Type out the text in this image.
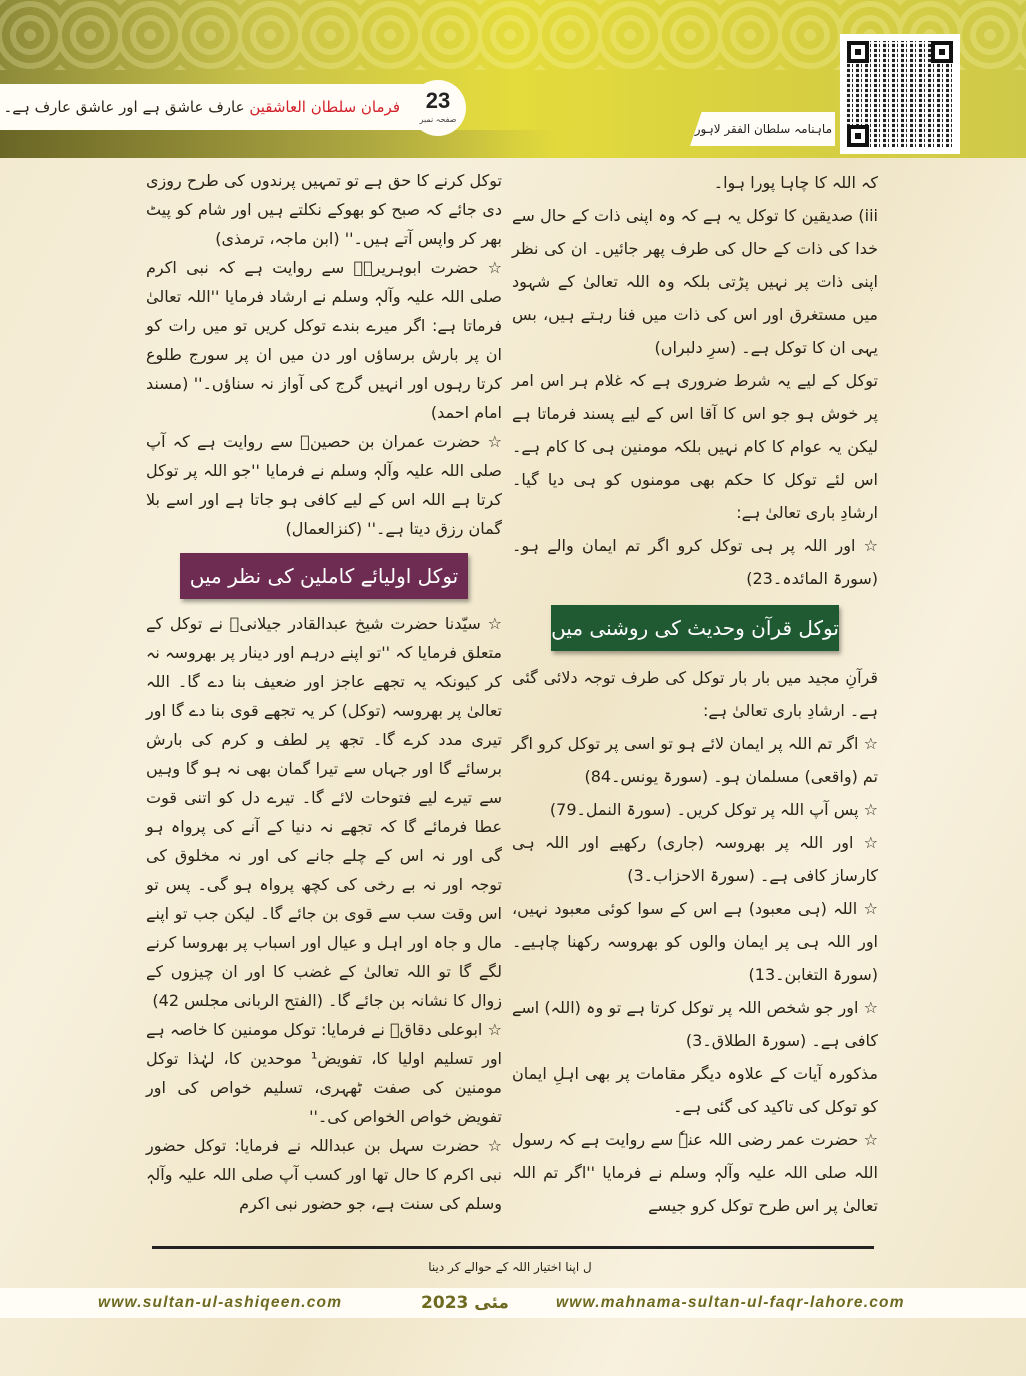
فرمان سلطان العاشقین عارف عاشق ہے اور عاشق عارف ہے۔	23
صفحہ نمبر
ماہنامہ سلطان الفقر لاہور

کہ اللہ کا چاہا پورا ہوا۔

iii) صدیقین کا توکل یہ ہے کہ وہ اپنی ذات کے حال سے خدا کی ذات کے حال کی طرف پھر جائیں۔ ان کی نظر اپنی ذات پر نہیں پڑتی بلکہ وہ اللہ تعالیٰ کے شہود میں مستغرق اور اس کی ذات میں فنا رہتے ہیں، بس یہی ان کا توکل ہے۔ (سرِ دلبراں)

توکل کے لیے یہ شرط ضروری ہے کہ غلام ہر اس امر پر خوش ہو جو اس کا آقا اس کے لیے پسند فرماتا ہے لیکن یہ عوام کا کام نہیں بلکہ مومنین ہی کا کام ہے۔ اس لئے توکل کا حکم بھی مومنوں کو ہی دیا گیا۔ ارشادِ باری تعالیٰ ہے:

☆ اور اللہ پر ہی توکل کرو اگر تم ایمان والے ہو۔ (سورۃ المائدہ۔23)

توکل قرآن وحدیث کی روشنی میں

قرآنِ مجید میں بار بار توکل کی طرف توجہ دلائی گئی ہے۔ ارشادِ باری تعالیٰ ہے:

☆ اگر تم اللہ پر ایمان لائے ہو تو اسی پر توکل کرو اگر تم (واقعی) مسلمان ہو۔ (سورۃ یونس۔84)

☆ پس آپ اللہ پر توکل کریں۔ (سورۃ النمل۔79)

☆ اور اللہ پر بھروسہ (جاری) رکھیے اور اللہ ہی کارساز کافی ہے۔ (سورۃ الاحزاب۔3)

☆ اللہ (ہی معبود) ہے اس کے سوا کوئی معبود نہیں، اور اللہ ہی پر ایمان والوں کو بھروسہ رکھنا چاہیے۔ (سورۃ التغابن۔13)

☆ اور جو شخص اللہ پر توکل کرتا ہے تو وہ (اللہ) اسے کافی ہے۔ (سورۃ الطلاق۔3)

مذکورہ آیات کے علاوہ دیگر مقامات پر بھی اہلِ ایمان کو توکل کی تاکید کی گئی ہے۔

☆ حضرت عمر رضی اللہ عنہٗ سے روایت ہے کہ رسول اللہ صلی اللہ علیہ وآلہٖ وسلم نے فرمایا ''اگر تم اللہ تعالیٰ پر اس طرح توکل کرو جیسے

توکل کرنے کا حق ہے تو تمہیں پرندوں کی طرح روزی دی جائے کہ صبح کو بھوکے نکلتے ہیں اور شام کو پیٹ بھر کر واپس آتے ہیں۔'' (ابن ماجہ، ترمذی)

☆ حضرت ابوہریرہؓ سے روایت ہے کہ نبی اکرم صلی اللہ علیہ وآلہٖ وسلم نے ارشاد فرمایا ''اللہ تعالیٰ فرماتا ہے: اگر میرے بندے توکل کریں تو میں رات کو ان پر بارش برساؤں اور دن میں ان پر سورج طلوع کرتا رہوں اور انہیں گرج کی آواز نہ سناؤں۔'' (مسند امام احمد)

☆ حضرت عمران بن حصینؓ سے روایت ہے کہ آپ صلی اللہ علیہ وآلہٖ وسلم نے فرمایا ''جو اللہ پر توکل کرتا ہے اللہ اس کے لیے کافی ہو جاتا ہے اور اسے بلا گمان رزق دیتا ہے۔'' (کنزالعمال)

توکل اولیائے کاملین کی نظر میں

☆ سیّدنا حضرت شیخ عبدالقادر جیلانیؓ نے توکل کے متعلق فرمایا کہ ''تو اپنے درہم اور دینار پر بھروسہ نہ کر کیونکہ یہ تجھے عاجز اور ضعیف بنا دے گا۔ اللہ تعالیٰ پر بھروسہ (توکل) کر یہ تجھے قوی بنا دے گا اور تیری مدد کرے گا۔ تجھ پر لطف و کرم کی بارش برسائے گا اور جہاں سے تیرا گمان بھی نہ ہو گا وہیں سے تیرے لیے فتوحات لائے گا۔ تیرے دل کو اتنی قوت عطا فرمائے گا کہ تجھے نہ دنیا کے آنے کی پرواہ ہو گی اور نہ اس کے چلے جانے کی اور نہ مخلوق کی توجہ اور نہ بے رخی کی کچھ پرواہ ہو گی۔ پس تو اس وقت سب سے قوی بن جائے گا۔ لیکن جب تو اپنے مال و جاہ اور اہل و عیال اور اسباب پر بھروسا کرنے لگے گا تو اللہ تعالیٰ کے غضب کا اور ان چیزوں کے زوال کا نشانہ بن جائے گا۔ (الفتح الربانی مجلس 42)

☆ ابوعلی دقاقؒ نے فرمایا: توکل مومنین کا خاصہ ہے اور تسلیم اولیا کا، تفویض¹ موحدین کا، لہٰذا توکل مومنین کی صفت ٹھہری، تسلیم خواص کی اور تفویض خواص الخواص کی۔''

☆ حضرت سہل بن عبداللہ نے فرمایا: توکل حضور نبی اکرم کا حال تھا اور کسب آپ صلی اللہ علیہ وآلہٖ وسلم کی سنت ہے، جو حضور نبی اکرم

ل اپنا اختیار اللہ کے حوالے کر دینا
www.sultan-ul-ashiqeen.com	مئی 2023	www.mahnama-sultan-ul-faqr-lahore.com
